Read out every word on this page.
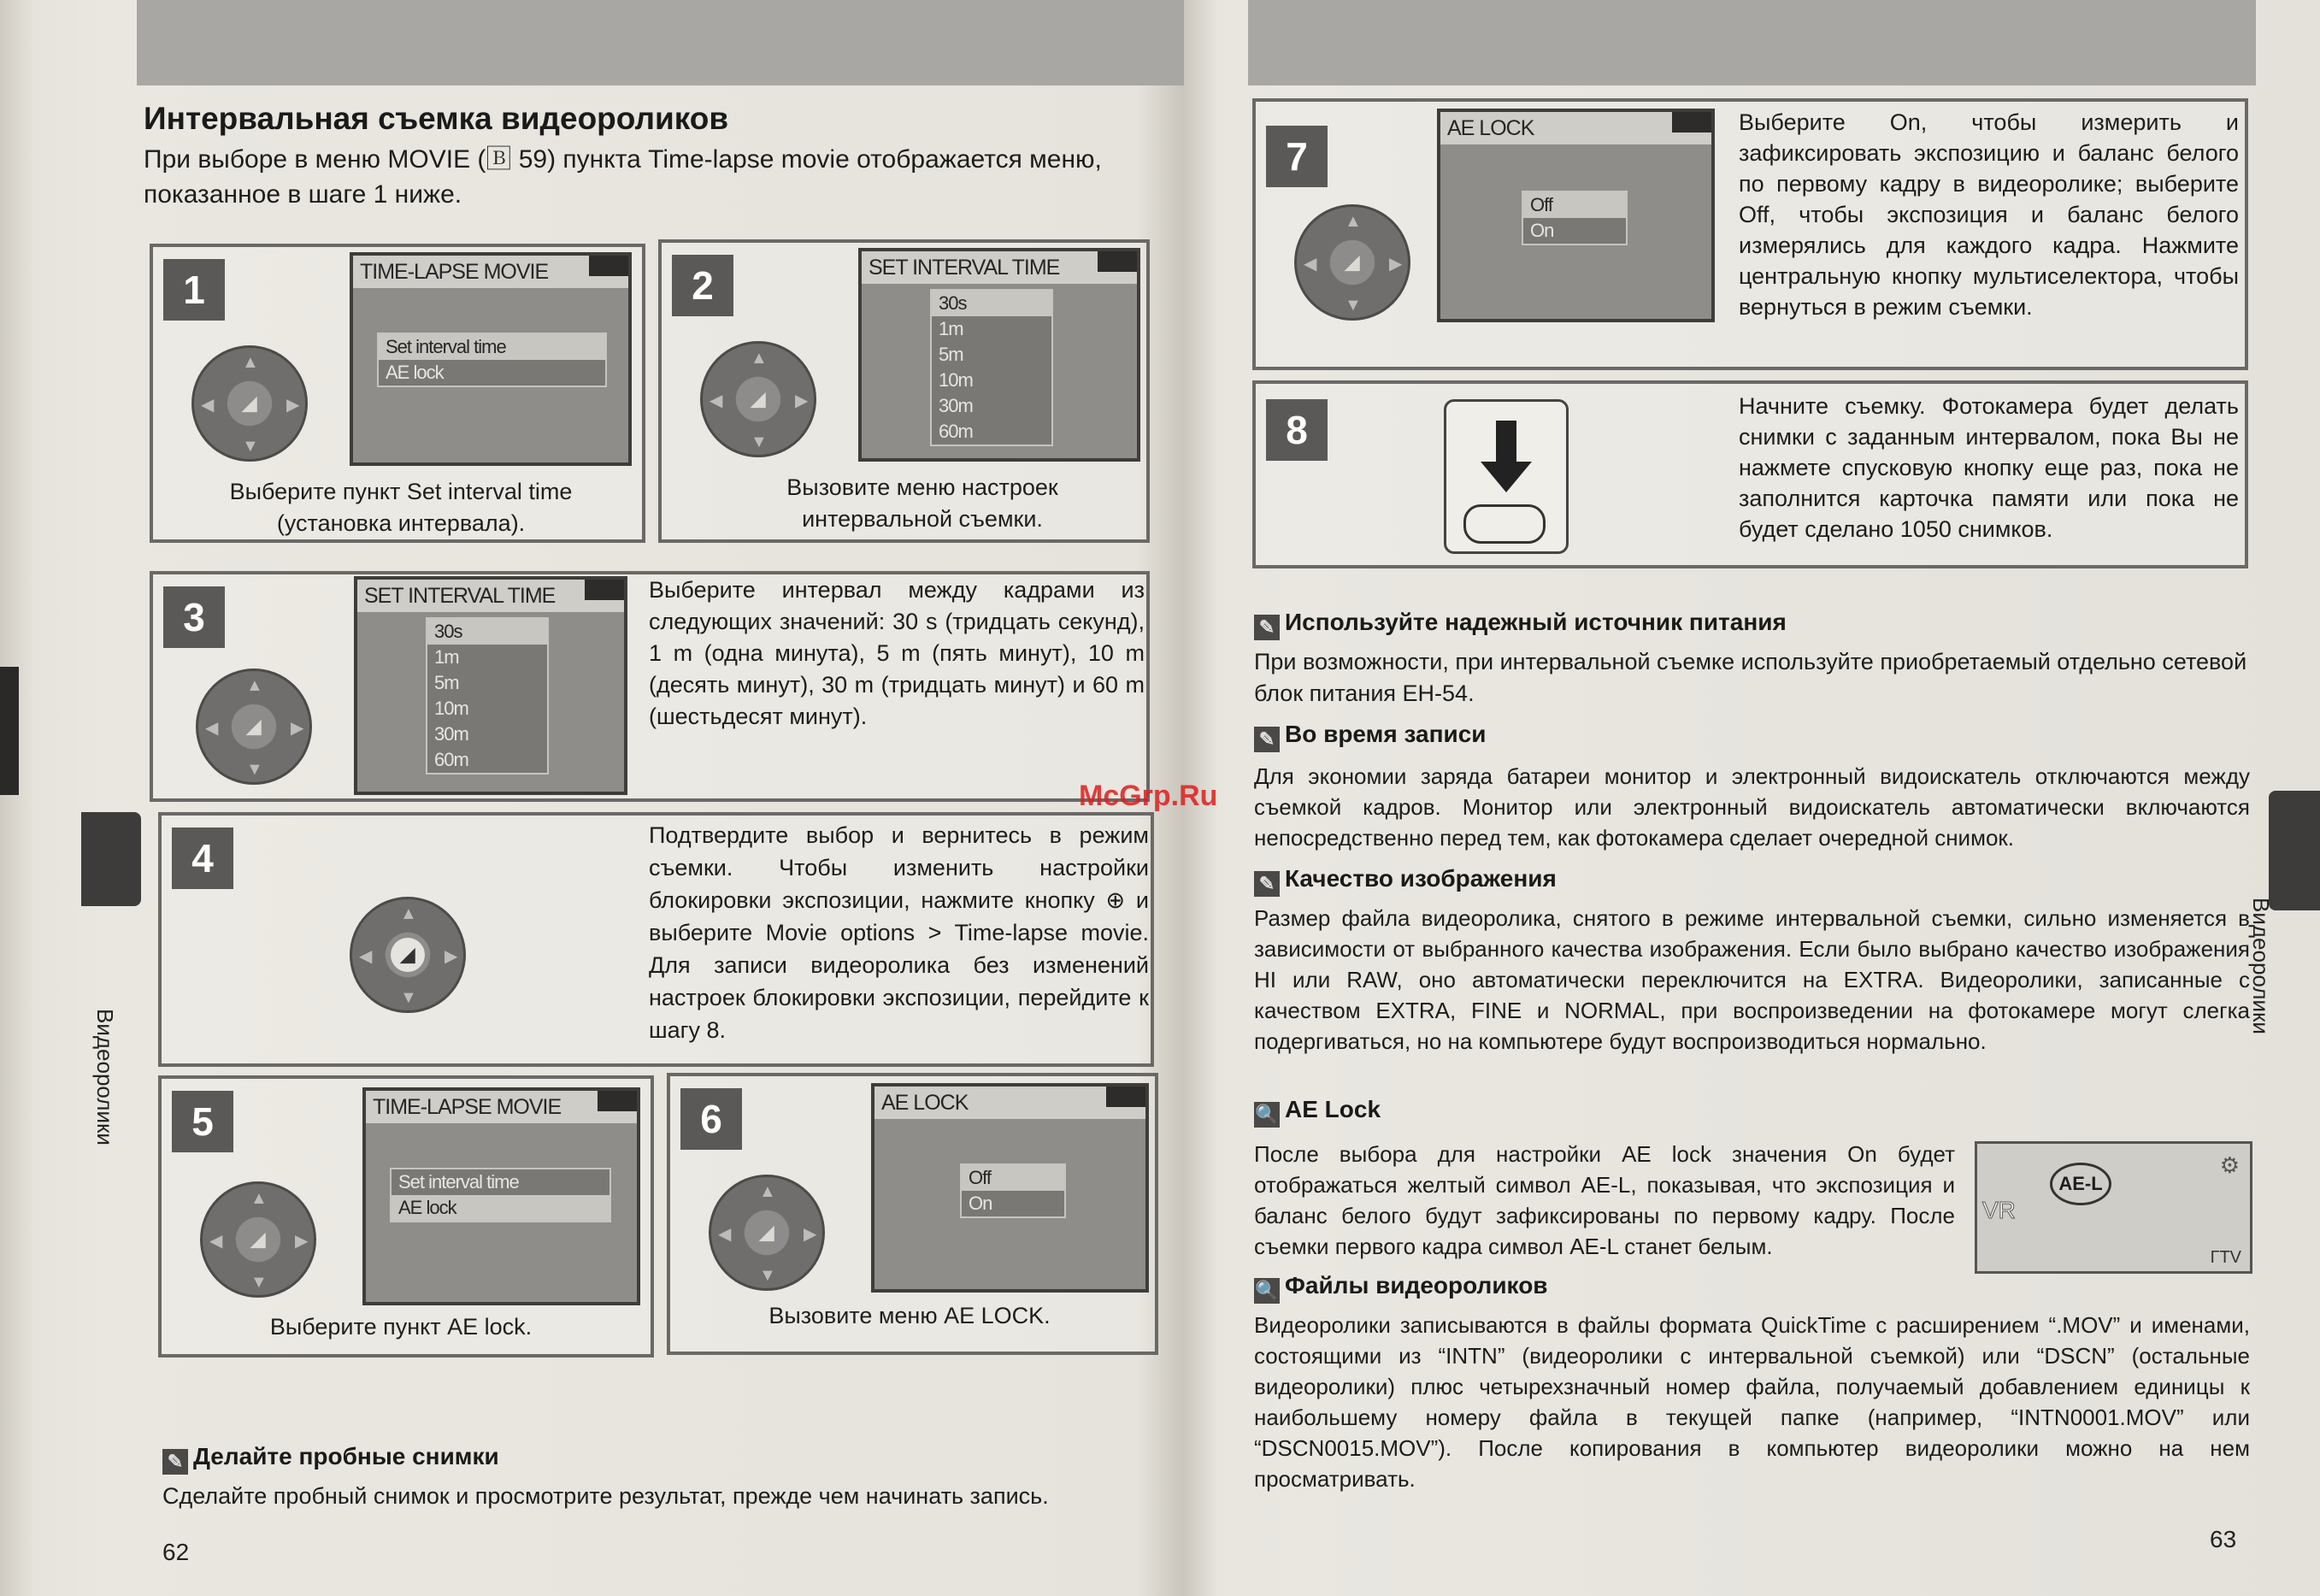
Видеоролики
Интервальная съемка видеороликов
При выборе в меню MOVIE (🄱 59) пункта Time-lapse movie отображается меню, показанное в шаге 1 ниже.
1
▲
▼
◀	▶
◢
TIME-LAPSE MOVIE
Set interval time
AE lock
Выберите пункт Set interval time (установка интервала).
2
▲
▼
◀	▶
◢
SET INTERVAL TIME
30s
1m
5m
10m
30m
60m
Вызовите меню настроек интервальной съемки.
3
▲
▼
◀	▶
◢
SET INTERVAL TIME
30s
1m
5m
10m
30m
60m
Выберите интервал между кадрами из следующих значений: 30 s (тридцать секунд), 1 m (одна минута), 5 m (пять минут), 10 m (десять минут), 30 m (тридцать минут) и 60 m (шестьдесят минут).
4
▲
▼
◀	▶
◢
Подтвердите выбор и вернитесь в режим съемки. Чтобы изменить настройки блокировки экспозиции, нажмите кнопку ⊕ и выберите Movie options > Time-lapse movie. Для записи видеоролика без изменений настроек блокировки экспозиции, перейдите к шагу 8.
5
▲
▼
◀	▶
◢
TIME-LAPSE MOVIE
Set interval time
AE lock
Выберите пункт AE lock.
6
▲
▼
◀	▶
◢
AE LOCK
Off
On
Вызовите меню AE LOCK.
✎ Делайте пробные снимки
Сделайте пробный снимок и просмотрите результат, прежде чем начинать запись.
62
Видеоролики
7
▲
▼
◀	▶
◢
AE LOCK
Off
On
Выберите On, чтобы измерить и зафиксировать экспозицию и баланс белого по первому кадру в видеоролике; выберите Off, чтобы экспозиция и баланс белого измерялись для каждого кадра. Нажмите центральную кнопку мультиселектора, чтобы вернуться в режим съемки.
8
Начните съемку. Фотокамера будет делать снимки с заданным интервалом, пока Вы не нажмете спусковую кнопку еще раз, пока не заполнится карточка памяти или пока не будет сделано 1050 снимков.
✎ Используйте надежный источник питания
При возможности, при интервальной съемке используйте приобретаемый отдельно сетевой блок питания EH-54.
✎ Во время записи
Для экономии заряда батареи монитор и электронный видоискатель отключаются между съемкой кадров. Монитор или электронный видоискатель автоматически включаются непосредственно перед тем, как фотокамера сделает очередной снимок.
✎ Качество изображения
Размер файла видеоролика, снятого в режиме интервальной съемки, сильно изменяется в зависимости от выбранного качества изображения. Если было выбрано качество изображения HI или RAW, оно автоматически переключится на EXTRA. Видеоролики, записанные с качеством EXTRA, FINE и NORMAL, при воспроизведении на фотокамере могут слегка подергиваться, но на компьютере будут воспроизводиться нормально.
🔍 AE Lock
После выбора для настройки AE lock значения On будет отображаться желтый символ AE-L, показывая, что экспозиция и баланс белого будут зафиксированы по первому кадру. После съемки первого кадра символ AE-L станет белым.
AE-L
VR
⚙
ГTV
🔍 Файлы видеороликов
Видеоролики записываются в файлы формата QuickTime с расширением “.MOV” и именами, состоящими из “INTN” (видеоролики с интервальной съемкой) или “DSCN” (остальные видеоролики) плюс четырехзначный номер файла, получаемый добавлением единицы к наибольшему номеру файла в текущей папке (например, “INTN0001.MOV” или “DSCN0015.MOV”). После копирования в компьютер видеоролики можно на нем просматривать.
63
McGrp.Ru
